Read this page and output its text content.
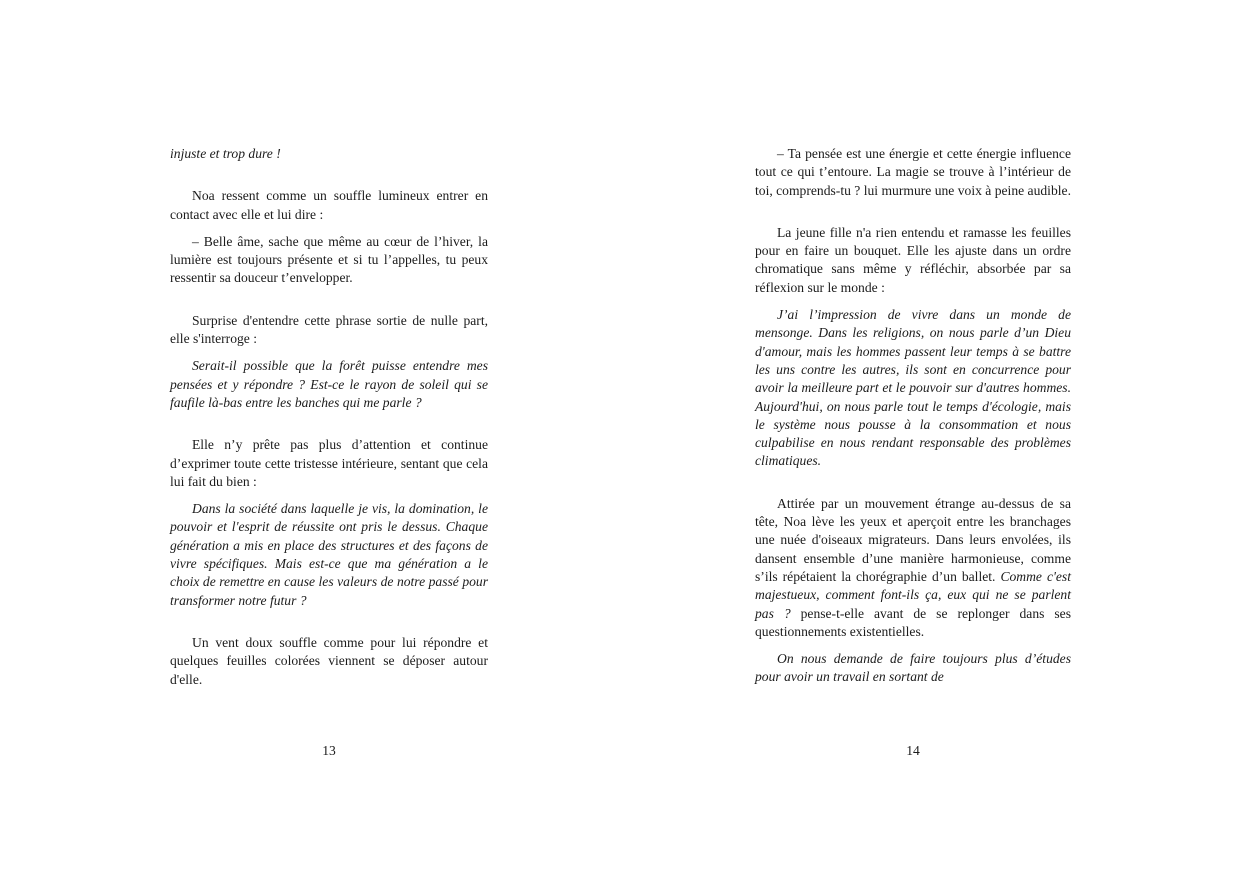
injuste et trop dure !
Noa ressent comme un souffle lumineux entrer en contact avec elle et lui dire :
– Belle âme, sache que même au cœur de l’hiver, la lumière est toujours présente et si tu l’appelles, tu peux ressentir sa douceur t’envelopper.
Surprise d'entendre cette phrase sortie de nulle part, elle s'interroge :
Serait-il possible que la forêt puisse entendre mes pensées et y répondre ? Est-ce le rayon de soleil qui se faufile là-bas entre les banches qui me parle ?
Elle n’y prête pas plus d’attention et continue d’exprimer toute cette tristesse intérieure, sentant que cela lui fait du bien :
Dans la société dans laquelle je vis, la domination, le pouvoir et l'esprit de réussite ont pris le dessus. Chaque génération a mis en place des structures et des façons de vivre spécifiques. Mais est-ce que ma génération a le choix de remettre en cause les valeurs de notre passé pour transformer notre futur ?
Un vent doux souffle comme pour lui répondre et quelques feuilles colorées viennent se déposer autour d'elle.
13
– Ta pensée est une énergie et cette énergie influence tout ce qui t’entoure. La magie se trouve à l’intérieur de toi, comprends-tu ? lui murmure une voix à peine audible.
La jeune fille n'a rien entendu et ramasse les feuilles pour en faire un bouquet. Elle les ajuste dans un ordre chromatique sans même y réfléchir, absorbée par sa réflexion sur le monde :
J’ai l’impression de vivre dans un monde de mensonge. Dans les religions, on nous parle d’un Dieu d'amour, mais les hommes passent leur temps à se battre les uns contre les autres, ils sont en concurrence pour avoir la meilleure part et le pouvoir sur d'autres hommes. Aujourd'hui, on nous parle tout le temps d'écologie, mais le système nous pousse à la consommation et nous culpabilise en nous rendant responsable des problèmes climatiques.
Attirée par un mouvement étrange au-dessus de sa tête, Noa lève les yeux et aperçoit entre les branchages une nuée d'oiseaux migrateurs. Dans leurs envolées, ils dansent ensemble d’une manière harmonieuse, comme s’ils répétaient la chorégraphie d’un ballet. Comme c'est majestueux, comment font-ils ça, eux qui ne se parlent pas ? pense-t-elle avant de se replonger dans ses questionnements existentielles.
On nous demande de faire toujours plus d’études pour avoir un travail en sortant de
14
